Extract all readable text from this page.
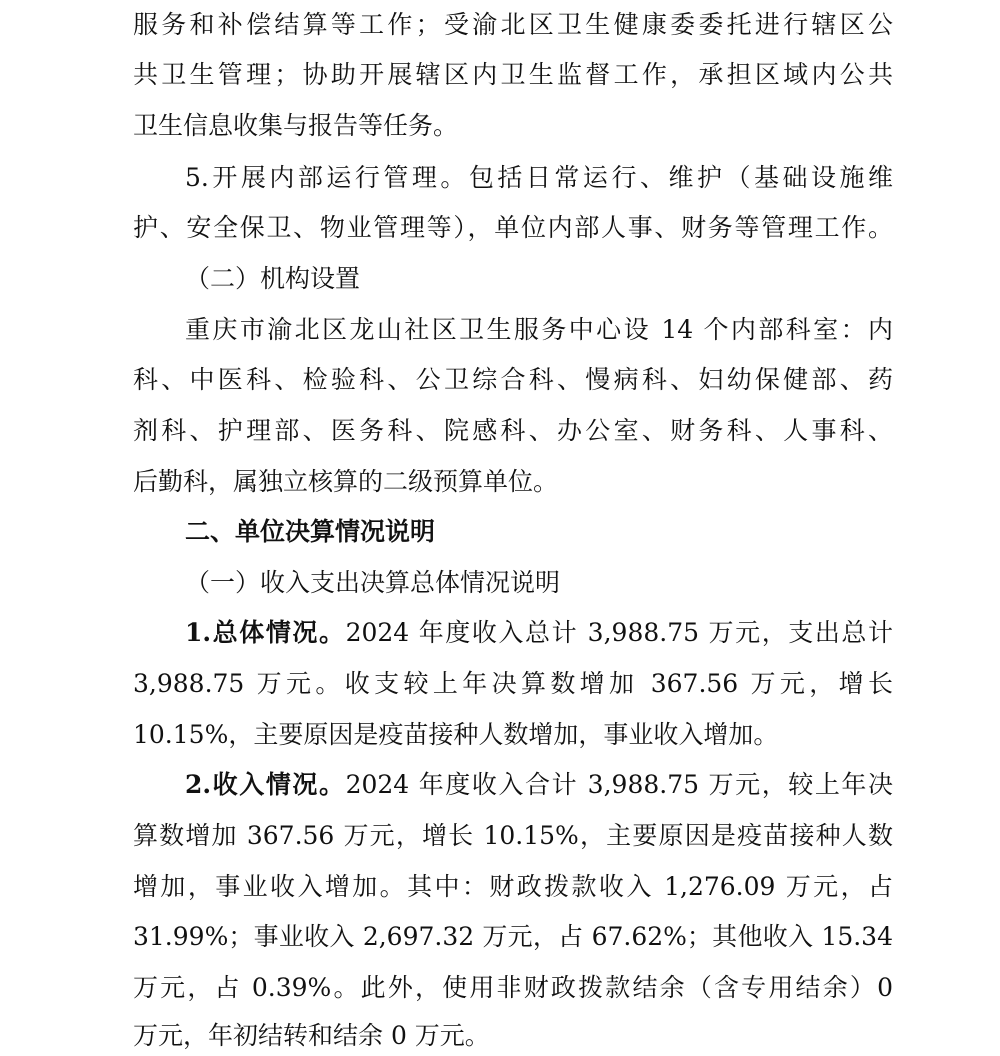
服务和补偿结算等工作；受渝北区卫生健康委委托进行辖区公
共卫生管理；协助开展辖区内卫生监督工作，承担区域内公共
卫生信息收集与报告等任务。
5.开展内部运行管理。包括日常运行、维护（基础设施维
护、安全保卫、物业管理等），单位内部人事、财务等管理工作。
（二）机构设置
重庆市渝北区龙山社区卫生服务中心设 14 个内部科室：内
科、中医科、检验科、公卫综合科、慢病科、妇幼保健部、药
剂科、护理部、医务科、院感科、办公室、财务科、人事科、
后勤科，属独立核算的二级预算单位。
二、单位决算情况说明
（一）收入支出决算总体情况说明
1.总体情况。2024 年度收入总计 3,988.75 万元，支出总计
3,988.75 万元。收支较上年决算数增加 367.56 万元，增长
10.15%，主要原因是疫苗接种人数增加，事业收入增加。
2.收入情况。2024 年度收入合计 3,988.75 万元，较上年决
算数增加 367.56 万元，增长 10.15%，主要原因是疫苗接种人数
增加，事业收入增加。其中：财政拨款收入 1,276.09 万元，占
31.99%；事业收入 2,697.32 万元，占 67.62%；其他收入 15.34
万元，占 0.39%。此外，使用非财政拨款结余（含专用结余）0
万元，年初结转和结余 0 万元。
